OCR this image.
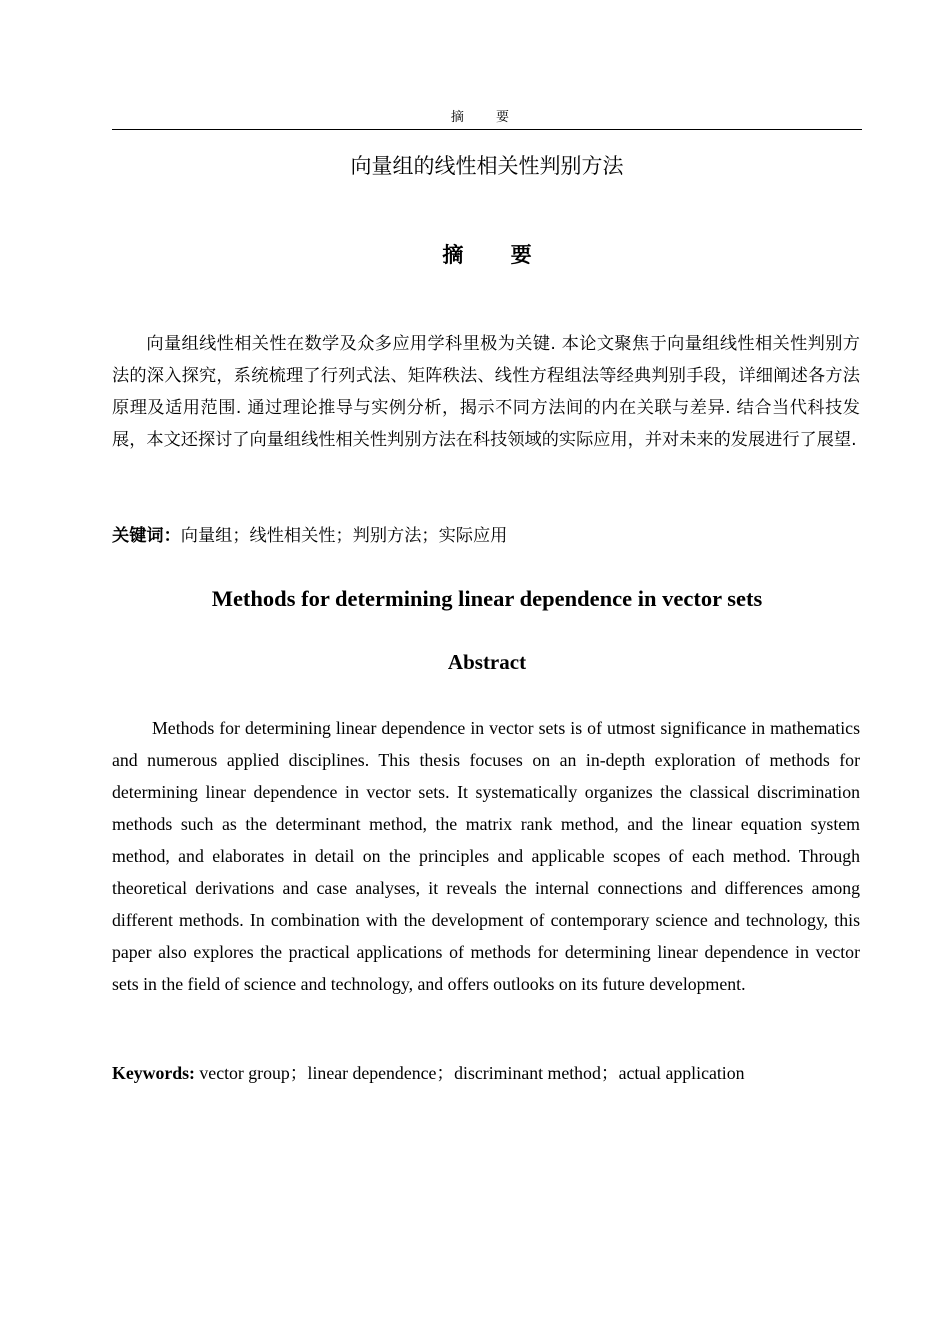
摘 要
向量组的线性相关性判别方法
摘 要
向量组线性相关性在数学及众多应用学科里极为关键. 本论文聚焦于向量组线性相关性判别方法的深入探究，系统梳理了行列式法、矩阵秩法、线性方程组法等经典判别手段，详细阐述各方法原理及适用范围. 通过理论推导与实例分析，揭示不同方法间的内在关联与差异. 结合当代科技发展，本文还探讨了向量组线性相关性判别方法在科技领域的实际应用，并对未来的发展进行了展望.
关键词：向量组；线性相关性；判别方法；实际应用
Methods for determining linear dependence in vector sets
Abstract
Methods for determining linear dependence in vector sets is of utmost significance in mathematics and numerous applied disciplines. This thesis focuses on an in-depth exploration of methods for determining linear dependence in vector sets. It systematically organizes the classical discrimination methods such as the determinant method, the matrix rank method, and the linear equation system method, and elaborates in detail on the principles and applicable scopes of each method. Through theoretical derivations and case analyses, it reveals the internal connections and differences among different methods. In combination with the development of contemporary science and technology, this paper also explores the practical applications of methods for determining linear dependence in vector sets in the field of science and technology, and offers outlooks on its future development.
Keywords: vector group；linear dependence；discriminant method；actual application
